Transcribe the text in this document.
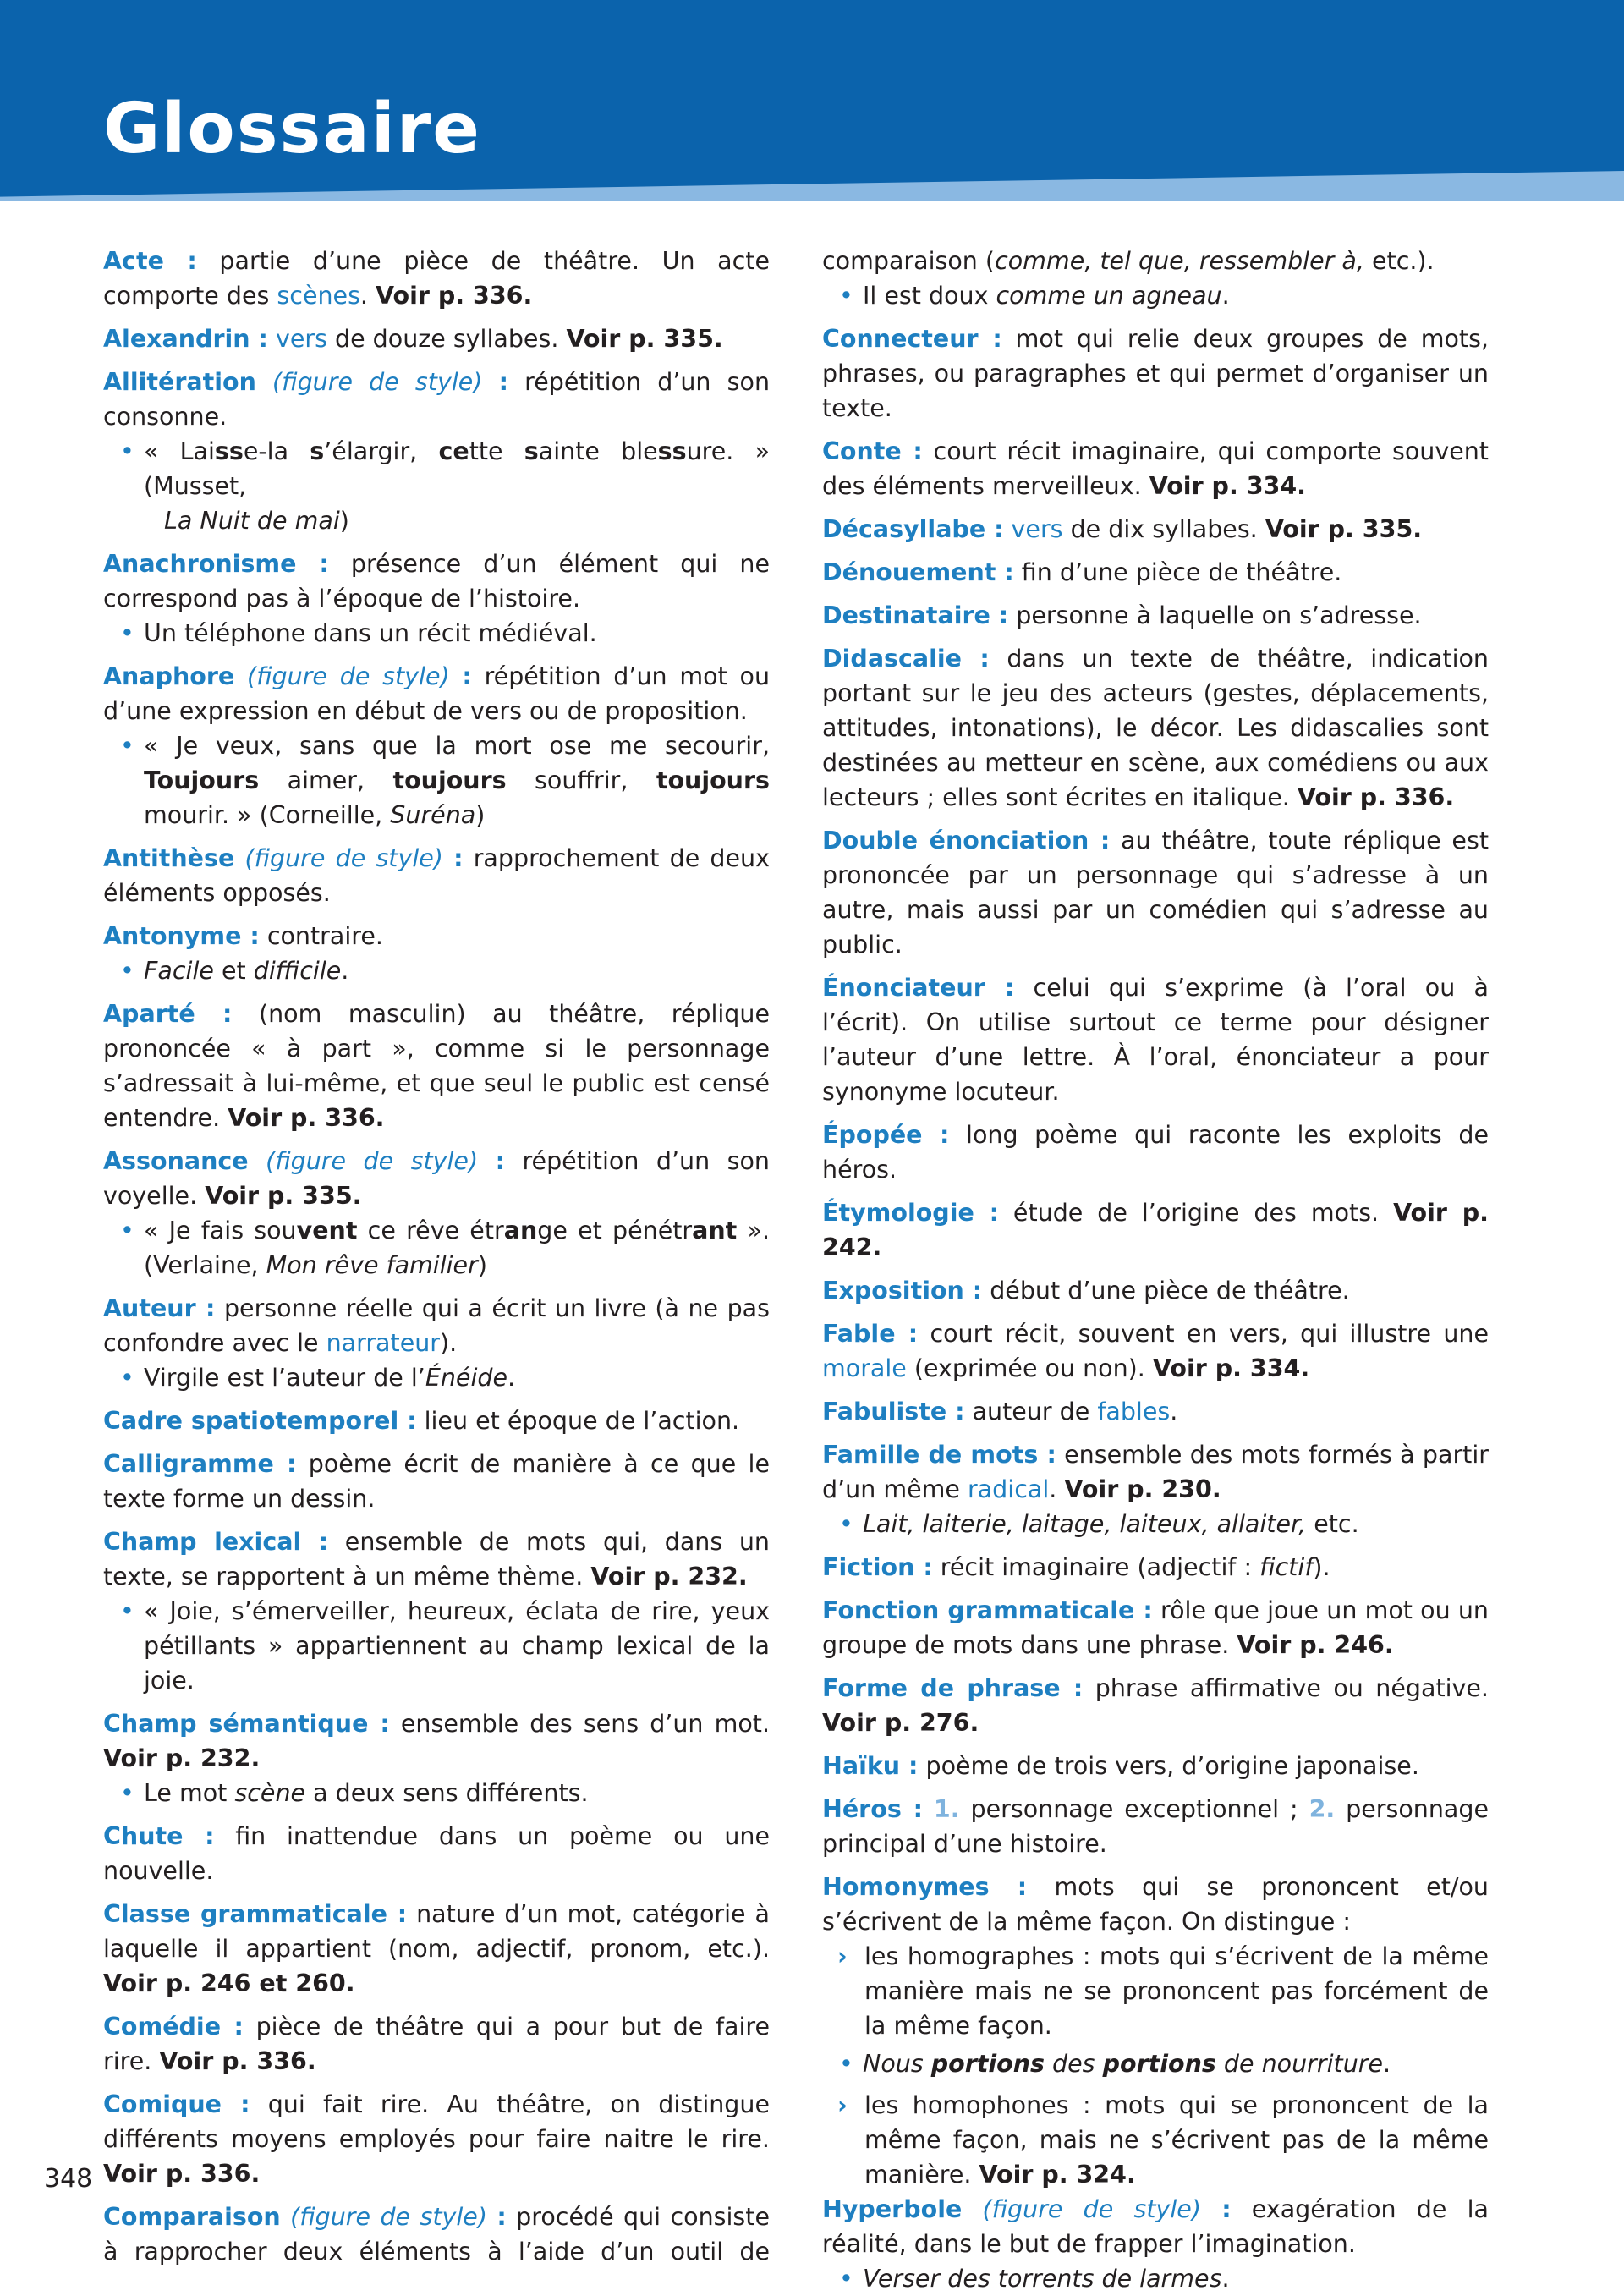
Glossaire

Acte : partie d’une pièce de théâtre. Un acte comporte des scènes. Voir p. 336.

Alexandrin : vers de douze syllabes. Voir p. 335.

Allitération (figure de style) : répétition d’un son consonne.

• « Laisse-la s’élargir, cette sainte blessure. » (Musset,
La Nuit de mai)

Anachronisme : présence d’un élément qui ne correspond pas à l’époque de l’histoire.

• Un téléphone dans un récit médiéval.

Anaphore (figure de style) : répétition d’un mot ou d’une expression en début de vers ou de proposition.

• « Je veux, sans que la mort ose me secourir, Toujours aimer, toujours souffrir, toujours mourir. » (Corneille, Suréna)

Antithèse (figure de style) : rapprochement de deux éléments opposés.

Antonyme : contraire.

• Facile et difficile.

Aparté : (nom masculin) au théâtre, réplique prononcée « à part », comme si le personnage s’adressait à lui-même, et que seul le public est censé entendre. Voir p. 336.

Assonance (figure de style) : répétition d’un son voyelle. Voir p. 335.

• « Je fais souvent ce rêve étrange et pénétrant ». (Verlaine, Mon rêve familier)

Auteur : personne réelle qui a écrit un livre (à ne pas confondre avec le narrateur).

• Virgile est l’auteur de l’Énéide.

Cadre spatiotemporel : lieu et époque de l’action.

Calligramme : poème écrit de manière à ce que le texte forme un dessin.

Champ lexical : ensemble de mots qui, dans un texte, se rapportent à un même thème. Voir p. 232.

• « Joie, s’émerveiller, heureux, éclata de rire, yeux pétillants » appartiennent au champ lexical de la joie.

Champ sémantique : ensemble des sens d’un mot. Voir p. 232.

• Le mot scène a deux sens différents.

Chute : fin inattendue dans un poème ou une nouvelle.

Classe grammaticale : nature d’un mot, catégorie à laquelle il appartient (nom, adjectif, pronom, etc.). Voir p. 246 et 260.

Comédie : pièce de théâtre qui a pour but de faire rire. Voir p. 336.

Comique : qui fait rire. Au théâtre, on distingue différents moyens employés pour faire naitre le rire. Voir p. 336.

Comparaison (figure de style) : procédé qui consiste à rapprocher deux éléments à l’aide d’un outil de

comparaison (comme, tel que, ressembler à, etc.).

• Il est doux comme un agneau.

Connecteur : mot qui relie deux groupes de mots, phrases, ou paragraphes et qui permet d’organiser un texte.

Conte : court récit imaginaire, qui comporte souvent des éléments merveilleux. Voir p. 334.

Décasyllabe : vers de dix syllabes. Voir p. 335.

Dénouement : fin d’une pièce de théâtre.

Destinataire : personne à laquelle on s’adresse.

Didascalie : dans un texte de théâtre, indication portant sur le jeu des acteurs (gestes, déplacements, attitudes, intonations), le décor. Les didascalies sont destinées au metteur en scène, aux comédiens ou aux lecteurs ; elles sont écrites en italique. Voir p. 336.

Double énonciation : au théâtre, toute réplique est prononcée par un personnage qui s’adresse à un autre, mais aussi par un comédien qui s’adresse au public.

Énonciateur : celui qui s’exprime (à l’oral ou à l’écrit). On utilise surtout ce terme pour désigner l’auteur d’une lettre. À l’oral, énonciateur a pour synonyme locuteur.

Épopée : long poème qui raconte les exploits de héros.

Étymologie : étude de l’origine des mots. Voir p. 242.

Exposition : début d’une pièce de théâtre.

Fable : court récit, souvent en vers, qui illustre une morale (exprimée ou non). Voir p. 334.

Fabuliste : auteur de fables.

Famille de mots : ensemble des mots formés à partir d’un même radical. Voir p. 230.

• Lait, laiterie, laitage, laiteux, allaiter, etc.

Fiction : récit imaginaire (adjectif : fictif).

Fonction grammaticale : rôle que joue un mot ou un groupe de mots dans une phrase. Voir p. 246.

Forme de phrase : phrase affirmative ou négative. Voir p. 276.

Haïku : poème de trois vers, d’origine japonaise.

Héros : 1. personnage exceptionnel ; 2. personnage principal d’une histoire.

Homonymes : mots qui se prononcent et/ou s’écrivent de la même façon. On distingue :

› les homographes : mots qui s’écrivent de la même manière mais ne se prononcent pas forcément de la même façon.

• Nous portions des portions de nourriture.

› les homophones : mots qui se prononcent de la même façon, mais ne s’écrivent pas de la même manière. Voir p. 324.

Hyperbole (figure de style) : exagération de la réalité, dans le but de frapper l’imagination.

• Verser des torrents de larmes.

348
